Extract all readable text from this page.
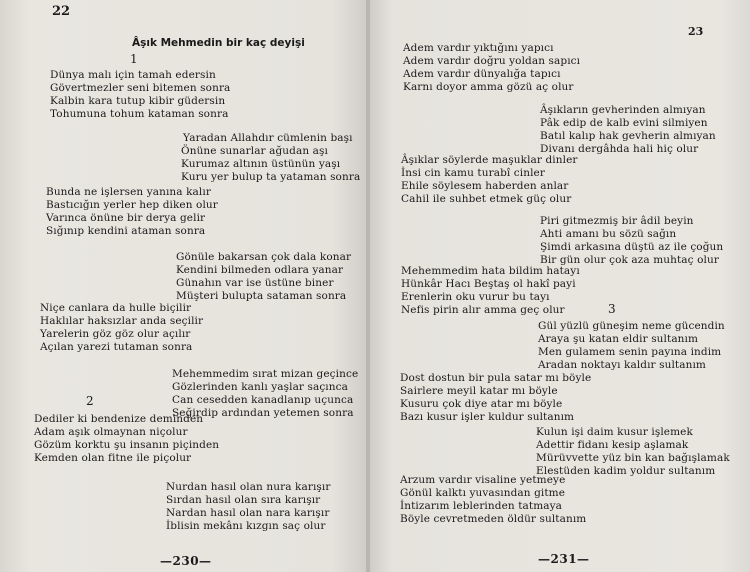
22
Âşık Mehmedin bir kaç deyişi
1
Dünya malı için tamah edersin
Gövertmezler seni bitemen sonra
Kalbin kara tutup kibir güdersin
Tohumuna tohum kataman sonra
Yaradan Allahdır cümlenin başı
Önüne sunarlar ağudan aşı
Kurumaz altının üstünün yaşı
Kuru yer bulup ta yataman sonra
Bunda ne işlersen yanına kalır
Bastıcığın yerler hep diken olur
Varınca önüne bir derya gelir
Sığınıp kendini ataman sonra
Gönüle bakarsan çok dala konar
Kendini bilmeden odlara yanar
Günahın var ise üstüne biner
Müşteri bulupta sataman sonra
Niçe canlara da hulle biçilir
Haklılar haksızlar anda seçilir
Yarelerin göz göz olur açılır
Açılan yarezi tutaman sonra
Mehemmedim sırat mizan geçince
Gözlerinden kanlı yaşlar saçınca
Can cesedden kanadlanıp uçunca
Seğirdip ardından yetemen sonra
2
Dediler ki bendenize deminden
Adam aşık olmaynan niçolur
Gözüm korktu şu insanın piçinden
Kemden olan fitne ile piçolur
Nurdan hasıl olan nura karışır
Sırdan hasıl olan sıra karışır
Nardan hasıl olan nara karışır
İblisin mekânı kızgın saç olur
—230—
23
Adem vardır yıktığını yapıcı
Adem vardır doğru yoldan sapıcı
Adem vardır dünyalığa tapıcı
Karnı doyor amma gözü aç olur
Âşıkların gevherinden almıyan
Pâk edip de kalb evini silmiyen
Batıl kalıp hak gevherin almıyan
Divanı dergâhda hali hiç olur
Âşıklar söylerde maşuklar dinler
İnsi cin kamu turabî cinler
Ehile söylesem haberden anlar
Cahil ile suhbet etmek güç olur
Piri gitmezmiş bir âdil beyin
Ahti amanı bu sözü sağın
Şimdi arkasına düştü az ile çoğun
Bir gün olur çok aza muhtaç olur
Mehemmedim hata bildim hatayı
Hünkâr Hacı Beştaş ol hakî payi
Erenlerin oku vurur bu tayı
Nefis pirin alır amma geç olur	3
Gül yüzlü güneşim neme gücendin
Araya şu katan eldir sultanım
Men gulamem senin payına indim
Aradan noktayı kaldır sultanım
Dost dostun bir pula satar mı böyle
Sairlere meyil katar mı böyle
Kusuru çok diye atar mı böyle
Bazı kusur işler kuldur sultanım
Kulun işi daim kusur işlemek
Adettir fidanı kesip aşlamak
Mürüvvette yüz bin kan bağışlamak
Elestüden kadim yoldur sultanım
Arzum vardır visaline yetmeye
Gönül kalktı yuvasından gitme
İntizarım leblerinden tatmaya
Böyle cevretmeden öldür sultanım
—231—
